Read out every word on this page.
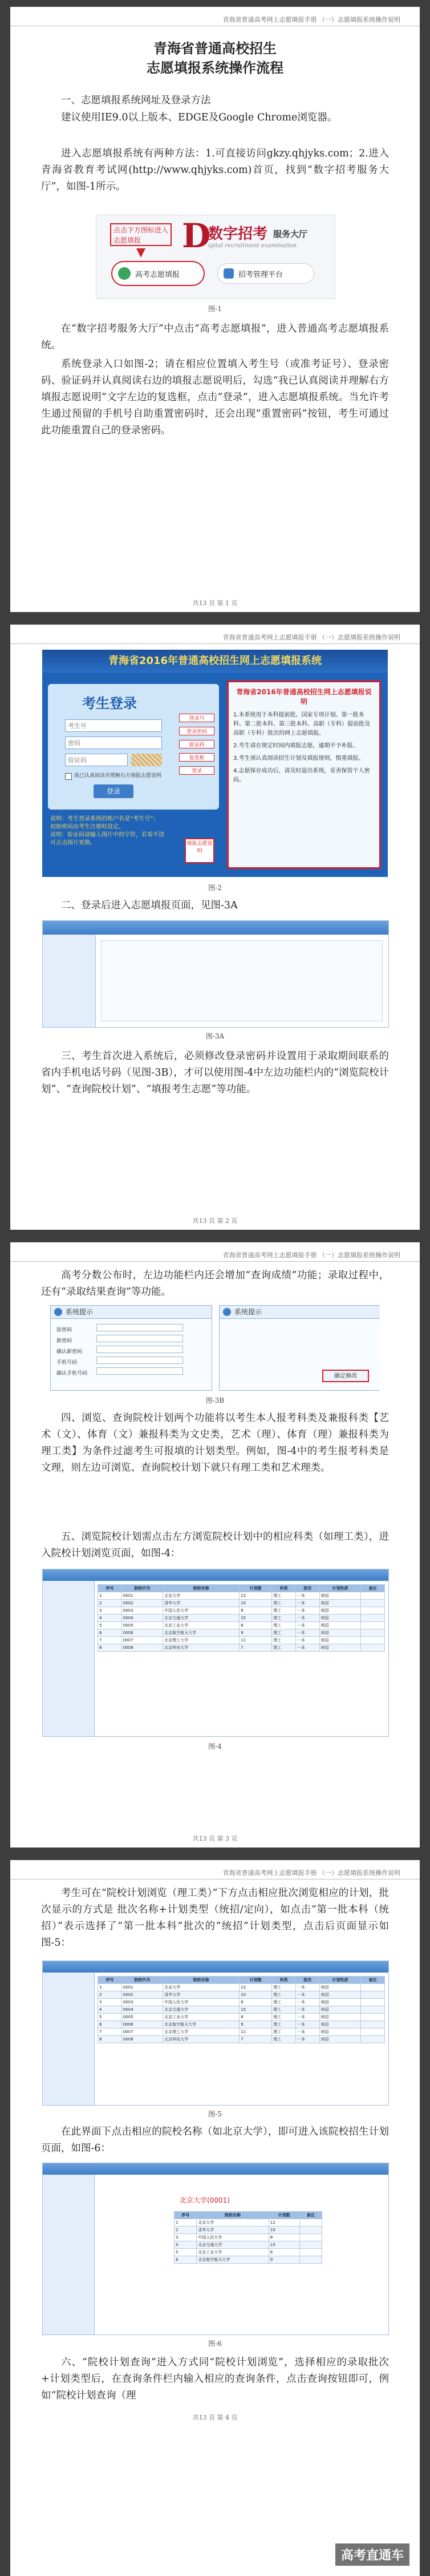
青海省普通高考网上志愿填报手册 （一）志愿填报系统操作说明
青海省普通高校招生
志愿填报系统操作流程
一、志愿填报系统网址及登录方法
建议使用IE9.0以上版本、EDGE及Google Chrome浏览器。
进入志愿填报系统有两种方法：1.可直接访问gkzy.qhjyks.com；2.进入青海省教育考试网(http://www.qhjyks.com)首页，找到“数字招考服务大厅”，如图-1所示。
点击下方图标进入志愿填报	D
数字招考 服务大厅
igital recruitment examination
高考志愿填报	招考管理平台
图-1
在“数字招考服务大厅”中点击“高考志愿填报”，进入普通高考志愿填报系统。
系统登录入口如图-2；请在相应位置填入考生号（或准考证号）、登录密码、验证码并认真阅读右边的填报志愿说明后，勾选“我已认真阅读并理解右方填报志愿说明”文字左边的复选框，点击“登录”，进入志愿填报系统。当允许考生通过预留的手机号自助重置密码时，还会出现“重置密码”按钮，考生可通过此功能重置自己的登录密码。
共13 页 第 1 页
青海省普通高考网上志愿填报手册 （一）志愿填报系统操作说明
青海省2016年普通高校招生网上志愿填报系统
考生登录
考生号
密码
验证码
我已认真阅读并理解右方填报志愿说明
登录
登录号
登录密码
验证码
复选框
登录
说明：考生登录系统的账户名是“考生号”；初始密码由考生注册时设定。
说明：验证码请输入图片中的字符，若看不清可点击图片更换。	填报志愿说明
青海省2016年普通高校招生网上志愿填报说明
1.本系统用于本科提前批、国家专项计划、第一批本科、第二批本科、第三批本科、高职（专科）提前批及高职（专科）批次的网上志愿填报。
2.考生请在规定时间内填报志愿，逾期不予补报。
3.考生须认真阅读招生计划及填报规则，慎重填报。
4.志愿保存成功后，请及时退出系统，妥善保管个人密码。
图-2
二、登录后进入志愿填报页面，见图-3A
图-3A
三、考生首次进入系统后，必须修改登录密码并设置用于录取期间联系的省内手机电话号码（见图-3B），才可以使用图-4中左边功能栏内的“浏览院校计划”、“查询院校计划”、“填报考生志愿”等功能。
共13 页 第 2 页
青海省普通高考网上志愿填报手册 （一）志愿填报系统操作说明
高考分数公布时，左边功能栏内还会增加“查询成绩”功能；录取过程中，还有“录取结果查询”等功能。
系统提示
原密码
新密码
确认新密码
手机号码
确认手机号码
系统提示
确定修改
图-3B
四、浏览、查询院校计划两个功能将以考生本人报考科类及兼报科类【艺术（文）、体育（文）兼报科类为文史类，艺术（理）、体育（理）兼报科类为理工类】为条件过滤考生可报填的计划类型。例如，图-4中的考生报考科类是文理，则左边可浏览、查询院校计划下就只有理工类和艺术理类。
五、浏览院校计划需点击左方浏览院校计划中的相应科类（如理工类），进入院校计划浏览页面，如图-4：
序号	院校代号	院校名称	计划数	科类	批次	计划性质	备注
1	0001	北京大学	12	理工	一本	统招	
2	0002	清华大学	10	理工	一本	统招	
3	0003	中国人民大学	8	理工	一本	统招	
4	0004	北京交通大学	15	理工	一本	统招	
5	0005	北京工业大学	6	理工	一本	统招	
6	0006	北京航空航天大学	9	理工	一本	统招	
7	0007	北京理工大学	11	理工	一本	统招	
8	0008	北京科技大学	7	理工	一本	统招	
图-4
共13 页 第 3 页
青海省普通高考网上志愿填报手册 （一）志愿填报系统操作说明
考生可在“院校计划浏览（理工类）”下方点击相应批次浏览相应的计划，批次显示的方式是 批次名称+计划类型（统招/定向），如点击“第一批本科（统招）”表示选择了“第一批本科”批次的“统招”计划类型，点击后页面显示如图-5：
序号	院校代号	院校名称	计划数	科类	批次	计划性质	备注
1	0001	北京大学	12	理工	一本	统招	
2	0002	清华大学	10	理工	一本	统招	
3	0003	中国人民大学	8	理工	一本	统招	
4	0004	北京交通大学	15	理工	一本	统招	
5	0005	北京工业大学	6	理工	一本	统招	
6	0006	北京航空航天大学	9	理工	一本	统招	
7	0007	北京理工大学	11	理工	一本	统招	
8	0008	北京科技大学	7	理工	一本	统招	
图-5
在此界面下点击相应的院校名称（如北京大学），即可进入该院校招生计划页面，如图-6：
北京大学(0001)
序号	院校名称	计划数	备注
1	北京大学	12	
2	清华大学	10	
3	中国人民大学	8	
4	北京交通大学	15	
5	北京工业大学	6	
6	北京航空航天大学	9	
图-6
六、“院校计划查询”进入方式同“院校计划浏览”，选择相应的录取批次+计划类型后，在查询条件栏内输入相应的查询条件，点击查询按钮即可，例如“院校计划查询（理
共13 页 第 4 页
高考直通车
